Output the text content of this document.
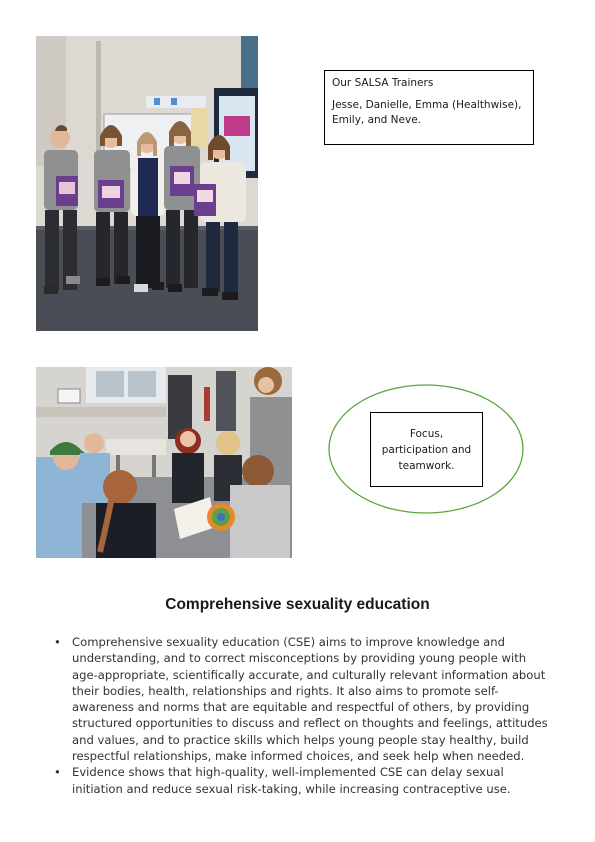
Our SALSA Trainers

Jesse, Danielle, Emma (Healthwise), Emily, and Neve.

Focus, participation and teamwork.
Comprehensive sexuality education
• Comprehensive sexuality education (CSE) aims to improve knowledge and understanding, and to correct misconceptions by providing young people with age-appropriate, scientifically accurate, and culturally relevant information about their bodies, health, relationships and rights. It also aims to promote self-awareness and norms that are equitable and respectful of others, by providing structured opportunities to discuss and reflect on thoughts and feelings, attitudes and values, and to practice skills which helps young people stay healthy, build respectful relationships, make informed choices, and seek help when needed.
• Evidence shows that high-quality, well-implemented CSE can delay sexual initiation and reduce sexual risk-taking, while increasing contraceptive use.
